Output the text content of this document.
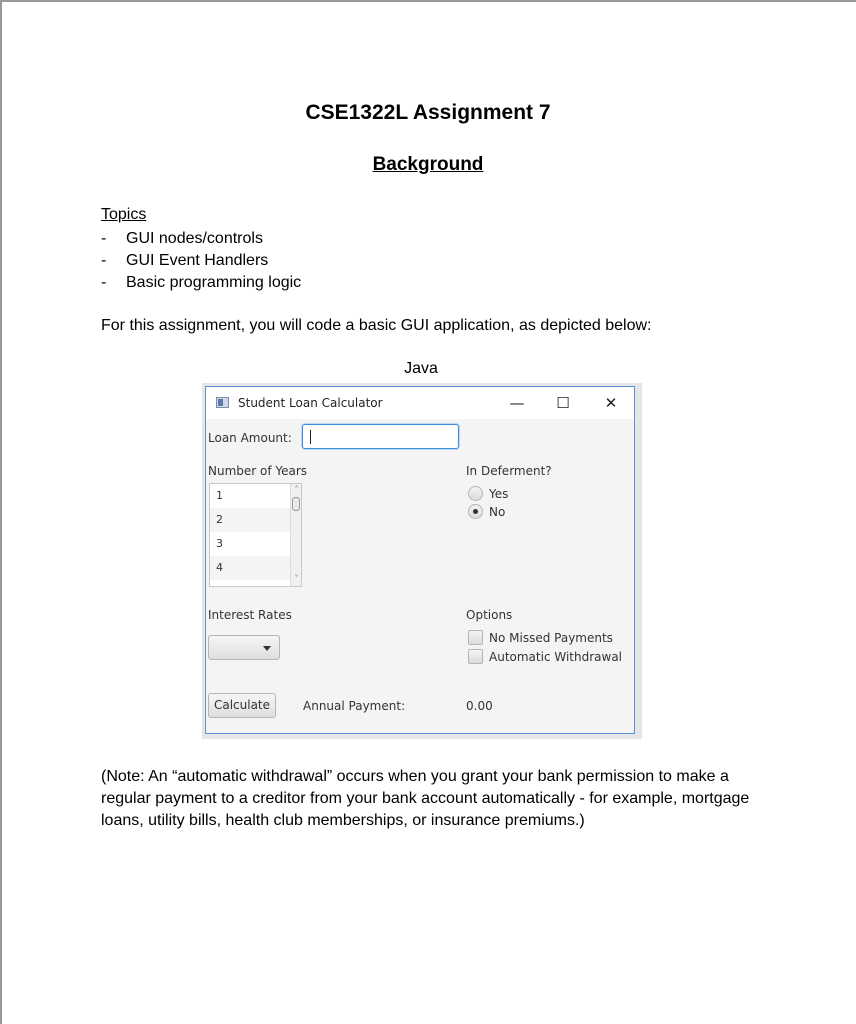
CSE1322L Assignment 7
Background
Topics
- GUI nodes/controls
- GUI Event Handlers
- Basic programming logic
For this assignment, you will code a basic GUI application, as depicted below:
Java
Student Loan Calculator	—	☐	✕
Loan Amount:
Number of Years
1
2
3
4
˄
˅
In Deferment?
Yes
No
Interest Rates	Options
No Missed Payments
Automatic Withdrawal
Calculate	Annual Payment:	0.00
(Note: An “automatic withdrawal” occurs when you grant your bank permission to make a regular payment to a creditor from your bank account automatically - for example, mortgage loans, utility bills, health club memberships, or insurance premiums.)
